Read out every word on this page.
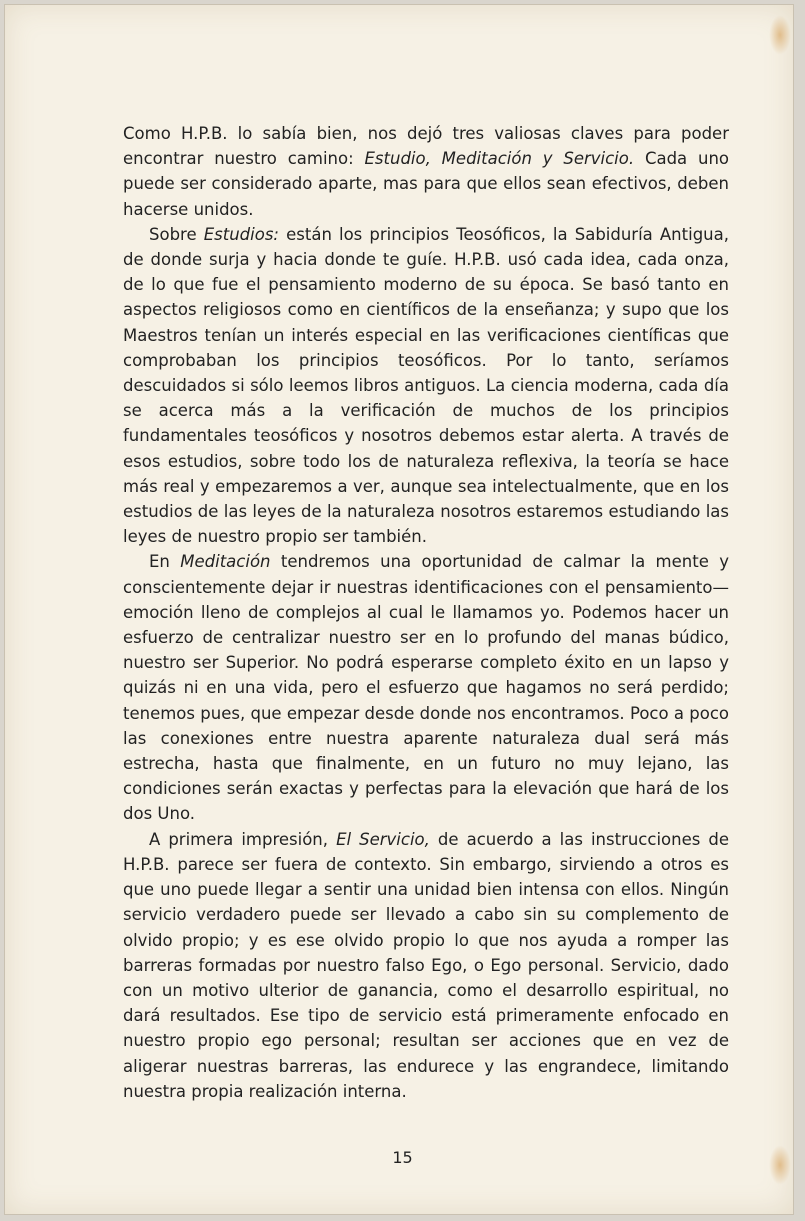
Como H.P.B. lo sabía bien, nos dejó tres valiosas claves para poder encontrar nuestro camino: Estudio, Meditación y Servicio. Cada uno puede ser considerado aparte, mas para que ellos sean efectivos, deben hacerse unidos.

Sobre Estudios: están los principios Teosóficos, la Sabiduría Antigua, de donde surja y hacia donde te guíe. H.P.B. usó cada idea, cada onza, de lo que fue el pensamiento moderno de su época. Se basó tanto en aspectos religiosos como en científicos de la enseñanza; y supo que los Maestros tenían un interés especial en las verificaciones científicas que comprobaban los principios teosóficos. Por lo tanto, seríamos descuidados si sólo leemos libros antiguos. La ciencia moderna, cada día se acerca más a la verificación de muchos de los principios fundamentales teosóficos y nosotros debemos estar alerta. A través de esos estudios, sobre todo los de naturaleza reflexiva, la teoría se hace más real y empezaremos a ver, aunque sea intelectualmente, que en los estudios de las leyes de la naturaleza nosotros estaremos estudiando las leyes de nuestro propio ser también.

En Meditación tendremos una oportunidad de calmar la mente y conscientemente dejar ir nuestras identificaciones con el pensamiento—emoción lleno de complejos al cual le llamamos yo. Podemos hacer un esfuerzo de centralizar nuestro ser en lo profundo del manas búdico, nuestro ser Superior. No podrá esperarse completo éxito en un lapso y quizás ni en una vida, pero el esfuerzo que hagamos no será perdido; tenemos pues, que empezar desde donde nos encontramos. Poco a poco las conexiones entre nuestra aparente naturaleza dual será más estrecha, hasta que finalmente, en un futuro no muy lejano, las condiciones serán exactas y perfectas para la elevación que hará de los dos Uno.

A primera impresión, El Servicio, de acuerdo a las instrucciones de H.P.B. parece ser fuera de contexto. Sin embargo, sirviendo a otros es que uno puede llegar a sentir una unidad bien intensa con ellos. Ningún servicio verdadero puede ser llevado a cabo sin su complemento de olvido propio; y es ese olvido propio lo que nos ayuda a romper las barreras formadas por nuestro falso Ego, o Ego personal. Servicio, dado con un motivo ulterior de ganancia, como el desarrollo espiritual, no dará resultados. Ese tipo de servicio está primeramente enfocado en nuestro propio ego personal; resultan ser acciones que en vez de aligerar nuestras barreras, las endurece y las engrandece, limitando nuestra propia realización interna.

15
